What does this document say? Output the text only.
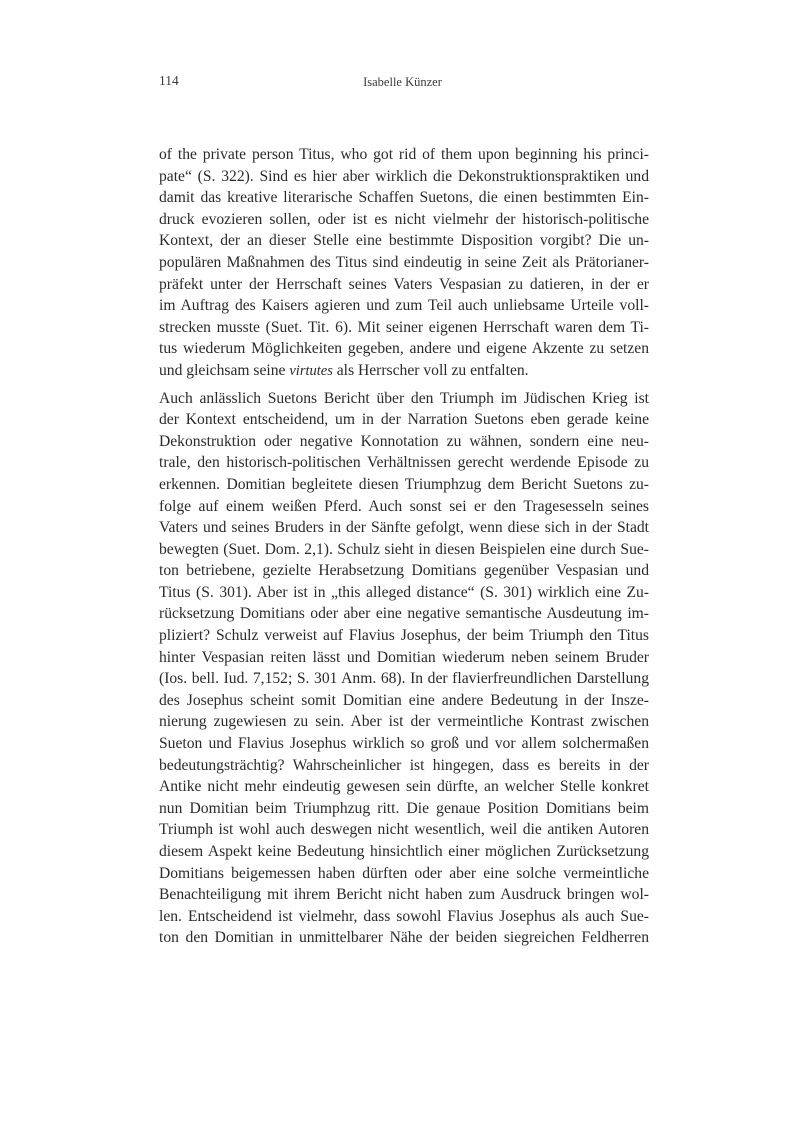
114	Isabelle Künzer
of the private person Titus, who got rid of them upon beginning his princi-
pate“ (S. 322). Sind es hier aber wirklich die Dekonstruktionspraktiken und
damit das kreative literarische Schaffen Suetons, die einen bestimmten Ein-
druck evozieren sollen, oder ist es nicht vielmehr der historisch-politische
Kontext, der an dieser Stelle eine bestimmte Disposition vorgibt? Die un-
populären Maßnahmen des Titus sind eindeutig in seine Zeit als Prätorianer-
präfekt unter der Herrschaft seines Vaters Vespasian zu datieren, in der er
im Auftrag des Kaisers agieren und zum Teil auch unliebsame Urteile voll-
strecken musste (Suet. Tit. 6). Mit seiner eigenen Herrschaft waren dem Ti-
tus wiederum Möglichkeiten gegeben, andere und eigene Akzente zu setzen
und gleichsam seine virtutes als Herrscher voll zu entfalten.
Auch anlässlich Suetons Bericht über den Triumph im Jüdischen Krieg ist
der Kontext entscheidend, um in der Narration Suetons eben gerade keine
Dekonstruktion oder negative Konnotation zu wähnen, sondern eine neu-
trale, den historisch-politischen Verhältnissen gerecht werdende Episode zu
erkennen. Domitian begleitete diesen Triumphzug dem Bericht Suetons zu-
folge auf einem weißen Pferd. Auch sonst sei er den Tragesesseln seines
Vaters und seines Bruders in der Sänfte gefolgt, wenn diese sich in der Stadt
bewegten (Suet. Dom. 2,1). Schulz sieht in diesen Beispielen eine durch Sue-
ton betriebene, gezielte Herabsetzung Domitians gegenüber Vespasian und
Titus (S. 301). Aber ist in „this alleged distance“ (S. 301) wirklich eine Zu-
rücksetzung Domitians oder aber eine negative semantische Ausdeutung im-
pliziert? Schulz verweist auf Flavius Josephus, der beim Triumph den Titus
hinter Vespasian reiten lässt und Domitian wiederum neben seinem Bruder
(Ios. bell. Iud. 7,152; S. 301 Anm. 68). In der flavierfreundlichen Darstellung
des Josephus scheint somit Domitian eine andere Bedeutung in der Insze-
nierung zugewiesen zu sein. Aber ist der vermeintliche Kontrast zwischen
Sueton und Flavius Josephus wirklich so groß und vor allem solchermaßen
bedeutungsträchtig? Wahrscheinlicher ist hingegen, dass es bereits in der
Antike nicht mehr eindeutig gewesen sein dürfte, an welcher Stelle konkret
nun Domitian beim Triumphzug ritt. Die genaue Position Domitians beim
Triumph ist wohl auch deswegen nicht wesentlich, weil die antiken Autoren
diesem Aspekt keine Bedeutung hinsichtlich einer möglichen Zurücksetzung
Domitians beigemessen haben dürften oder aber eine solche vermeintliche
Benachteiligung mit ihrem Bericht nicht haben zum Ausdruck bringen wol-
len. Entscheidend ist vielmehr, dass sowohl Flavius Josephus als auch Sue-
ton den Domitian in unmittelbarer Nähe der beiden siegreichen Feldherren
